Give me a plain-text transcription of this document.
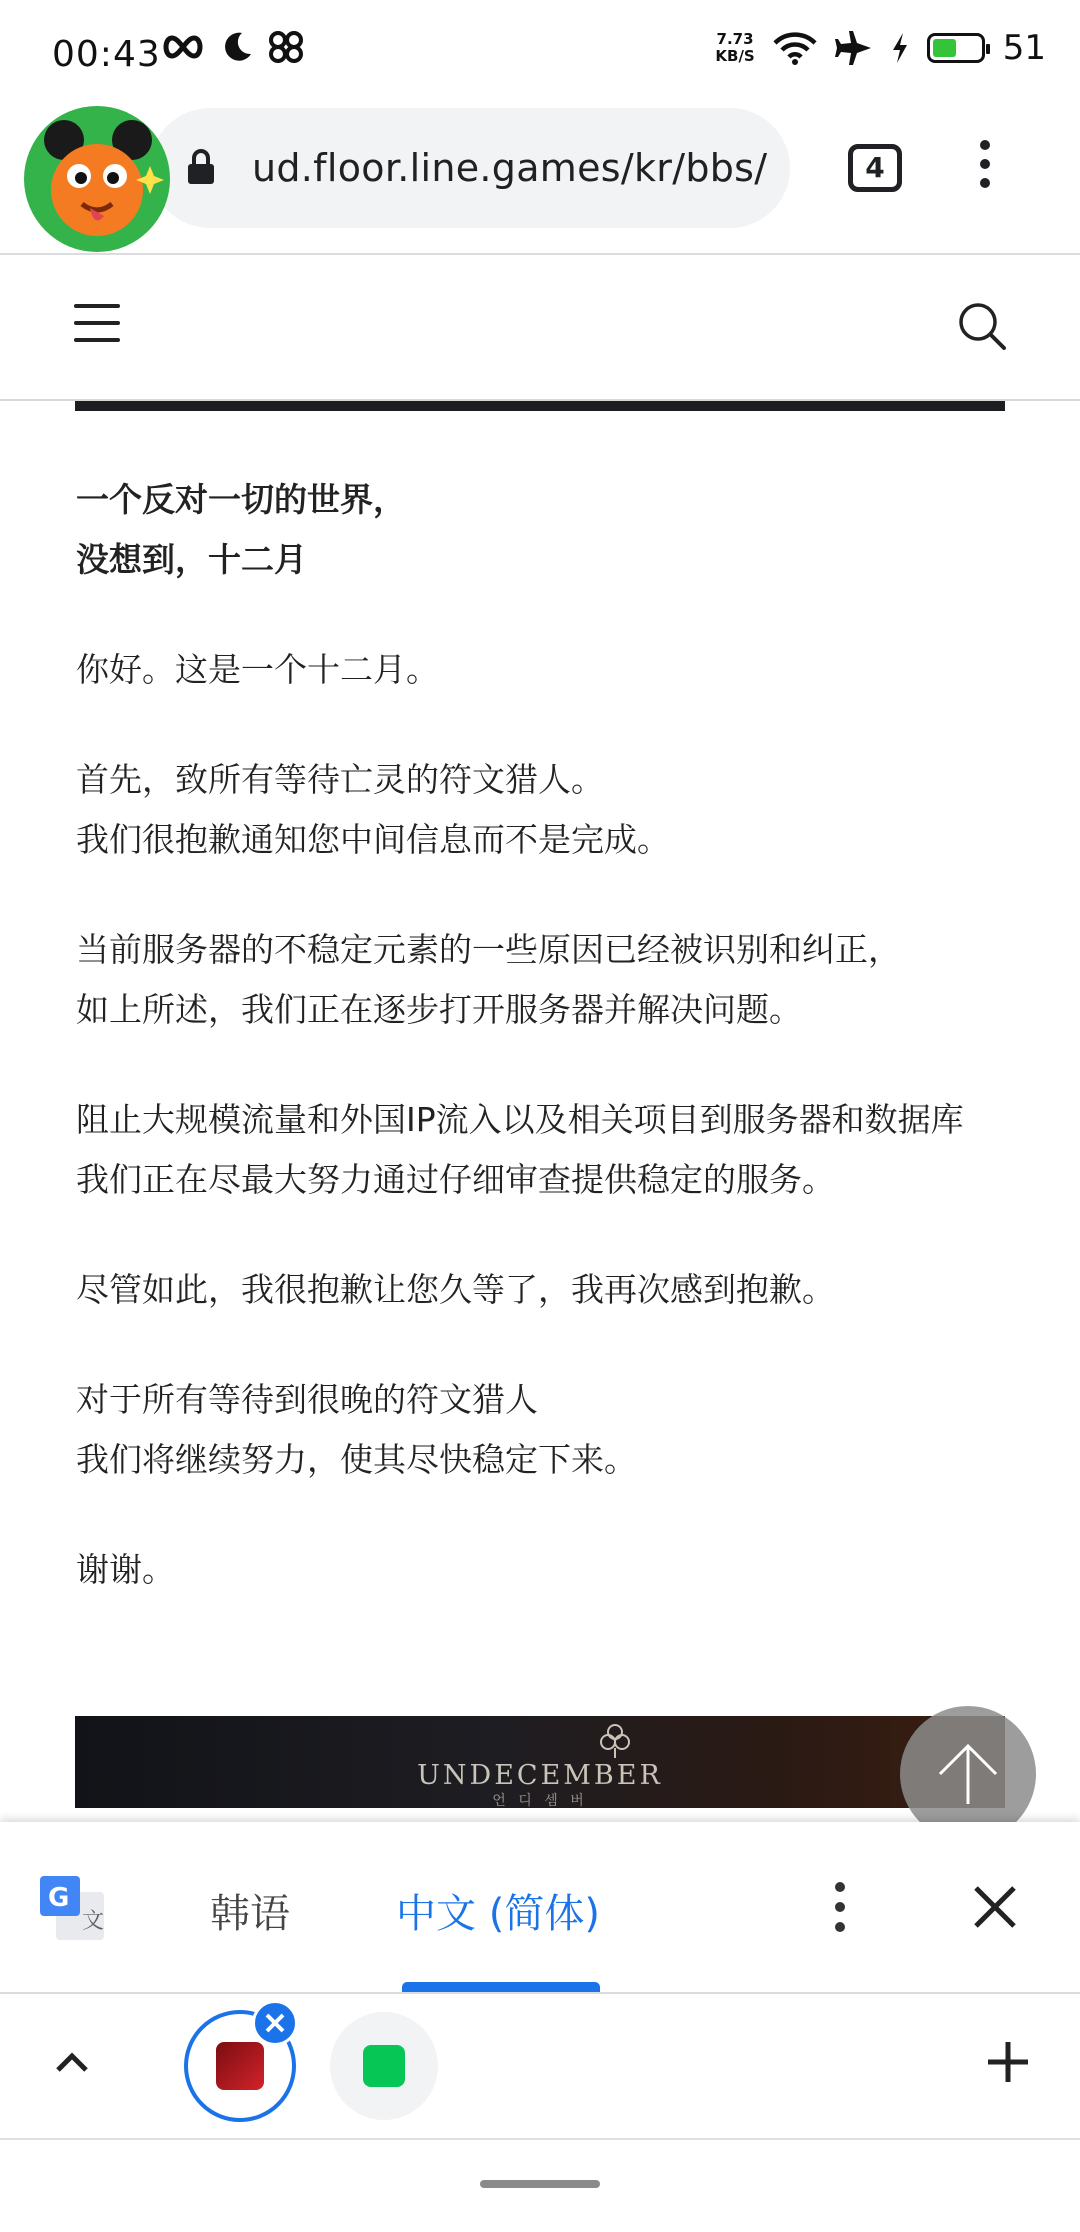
00:43	7.73
KB/S	51
ud.floor.line.games/kr/bbs/	4
一个反对一切的世界，
没想到，十二月

你好。这是一个十二月。

首先，致所有等待亡灵的符文猎人。
我们很抱歉通知您中间信息而不是完成。

当前服务器的不稳定元素的一些原因已经被识别和纠正，
如上所述，我们正在逐步打开服务器并解决问题。

阻止大规模流量和外国IP流入以及相关项目到服务器和数据库
我们正在尽最大努力通过仔细审查提供稳定的服务。

尽管如此，我很抱歉让您久等了，我再次感到抱歉。

对于所有等待到很晚的符文猎人
我们将继续努力，使其尽快稳定下来。

谢谢。

UNDECEMBER
언 디 셈 버
文
G	韩语	中文 (简体)
